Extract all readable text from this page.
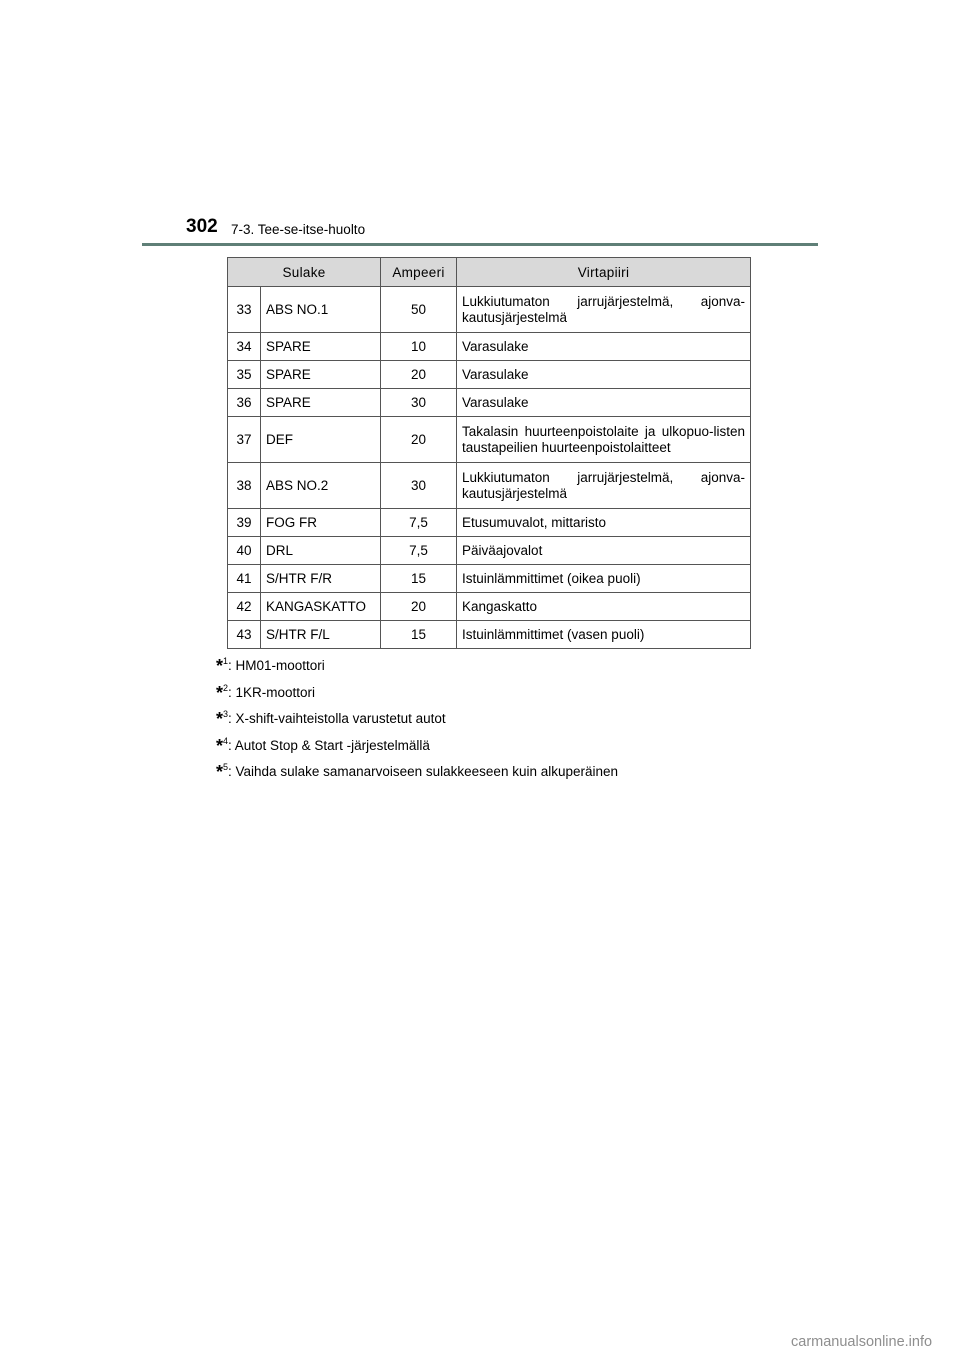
302 7-3. Tee-se-itse-huolto
Sulake		Ampeeri	Virtapiiri
33	ABS NO.1	50	Lukkiutumaton jarrujärjestelmä, ajonva-kautusjärjestelmä
34	SPARE	10	Varasulake
35	SPARE	20	Varasulake
36	SPARE	30	Varasulake
37	DEF	20	Takalasin huurteenpoistolaite ja ulkopuo-listen taustapeilien huurteenpoistolaitteet
38	ABS NO.2	30	Lukkiutumaton jarrujärjestelmä, ajonva-kautusjärjestelmä
39	FOG FR	7,5	Etusumuvalot, mittaristo
40	DRL	7,5	Päiväajovalot
41	S/HTR F/R	15	Istuinlämmittimet (oikea puoli)
42	KANGASKATTO	20	Kangaskatto
43	S/HTR F/L	15	Istuinlämmittimet (vasen puoli)
*$^1$: HM01-moottori
*$^2$: 1KR-moottori
*$^3$: X-shift-vaihteistolla varustetut autot
*$^4$: Autot Stop & Start -järjestelmällä
*$^5$: Vaihda sulake samanarvoiseen sulakkeeseen kuin alkuperäinen
carmanualsonline.info
